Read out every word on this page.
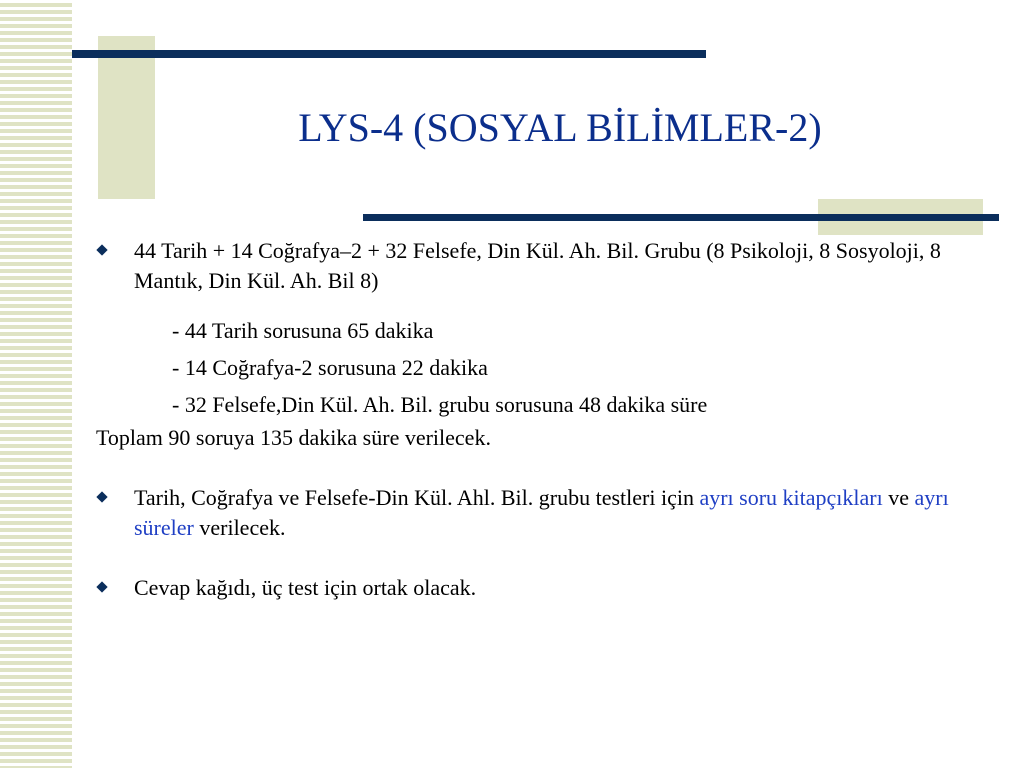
LYS-4 (SOSYAL BİLİMLER-2)
44 Tarih + 14 Coğrafya–2 + 32 Felsefe, Din Kül. Ah. Bil. Grubu (8 Psikoloji, 8 Sosyoloji, 8 Mantık, Din Kül. Ah. Bil 8)
- 44 Tarih sorusuna 65 dakika
- 14 Coğrafya-2 sorusuna 22 dakika
- 32 Felsefe,Din Kül. Ah. Bil. grubu sorusuna 48 dakika süre
Toplam 90 soruya 135 dakika süre verilecek.
Tarih, Coğrafya ve Felsefe-Din Kül. Ahl. Bil. grubu testleri için ayrı soru kitapçıkları ve ayrı süreler verilecek.
Cevap kağıdı, üç test için ortak olacak.
